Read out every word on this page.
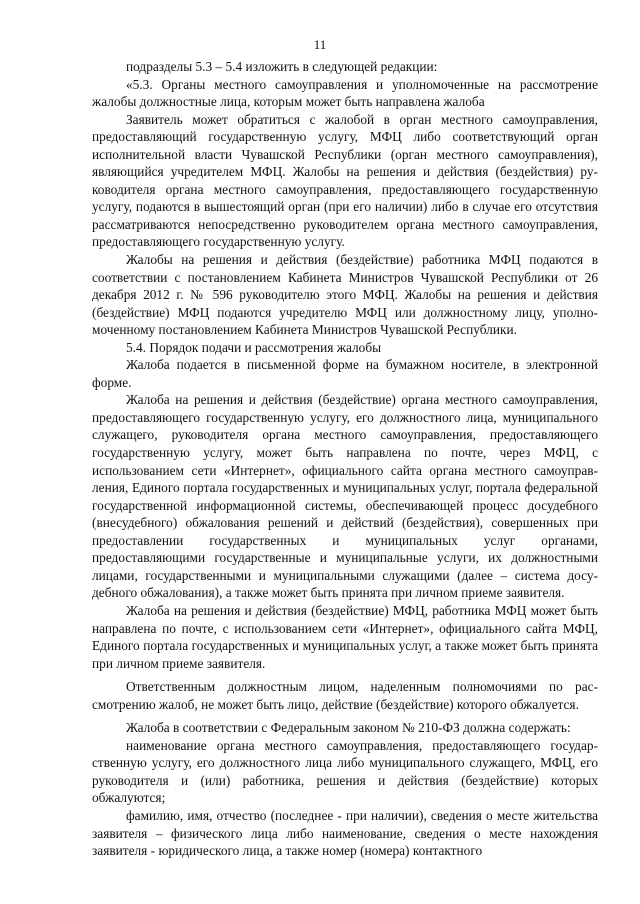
11

подразделы 5.3 – 5.4 изложить в следующей редакции:

«5.3. Органы местного самоуправления и уполномоченные на рассмотрение жалобы должностные лица, которым может быть направлена жалоба

Заявитель может обратиться с жалобой в орган местного самоуправления, предоставляющий государственную услугу, МФЦ либо соответствующий орган исполнительной власти Чувашской Республики (орган местного самоуправления), являющийся учредителем МФЦ. Жалобы на решения и действия (бездействия) руководителя органа местного самоуправления, предоставляющего государственную услугу, подаются в вышестоящий орган (при его наличии) либо в случае его отсутствия рассматриваются непосредственно руководителем органа местного самоуправления, предоставляющего государственную услугу.

Жалобы на решения и действия (бездействие) работника МФЦ подаются в соответствии с постановлением Кабинета Министров Чувашской Республики от 26 декабря 2012 г. № 596 руководителю этого МФЦ. Жалобы на решения и действия (бездействие) МФЦ подаются учредителю МФЦ или должностному лицу, уполномоченному постановлением Кабинета Министров Чувашской Республики.

5.4. Порядок подачи и рассмотрения жалобы

Жалоба подается в письменной форме на бумажном носителе, в электронной форме.

Жалоба на решения и действия (бездействие) органа местного самоуправления, предоставляющего государственную услугу, его должностного лица, муниципального служащего, руководителя органа местного самоуправления, предоставляющего государственную услугу, может быть направлена по почте, через МФЦ, с использованием сети «Интернет», официального сайта органа местного самоуправления, Единого портала государственных и муниципальных услуг, портала федеральной государственной информационной системы, обеспечивающей процесс досудебного (внесудебного) обжалования решений и действий (бездействия), совершенных при предоставлении государственных и муниципальных услуг органами, предоставляющими государственные и муниципальные услуги, их должностными лицами, государственными и муниципальными служащими (далее – система досудебного обжалования), а также может быть принята при личном приеме заявителя.

Жалоба на решения и действия (бездействие) МФЦ, работника МФЦ может быть направлена по почте, с использованием сети «Интернет», официального сайта МФЦ, Единого портала государственных и муниципальных услуг, а также может быть принята при личном приеме заявителя.

Ответственным должностным лицом, наделенным полномочиями по рассмотрению жалоб, не может быть лицо, действие (бездействие) которого обжалуется.

Жалоба в соответствии с Федеральным законом № 210-ФЗ должна содержать:

наименование органа местного самоуправления, предоставляющего государственную услугу, его должностного лица либо муниципального служащего, МФЦ, его руководителя и (или) работника, решения и действия (бездействие) которых обжалуются;

фамилию, имя, отчество (последнее - при наличии), сведения о месте жительства заявителя – физического лица либо наименование, сведения о месте нахождения заявителя - юридического лица, а также номер (номера) контактного
